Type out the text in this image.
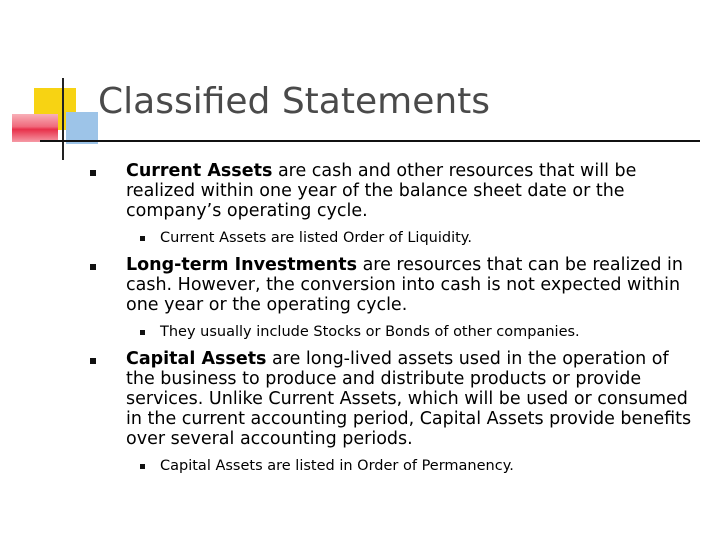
Classified Statements
Current Assets are cash and other resources that will be realized within one year of the balance sheet date or the company’s operating cycle.
Current Assets are listed Order of Liquidity.
Long-term Investments are resources that can be realized in cash. However, the conversion into cash is not expected within one year or the operating cycle.
They usually include Stocks or Bonds of other companies.
Capital Assets are long-lived assets used in the operation of the business to produce and distribute products or provide services. Unlike Current Assets, which will be used or consumed in the current accounting period, Capital Assets provide benefits over several accounting periods.
Capital Assets are listed in Order of Permanency.
